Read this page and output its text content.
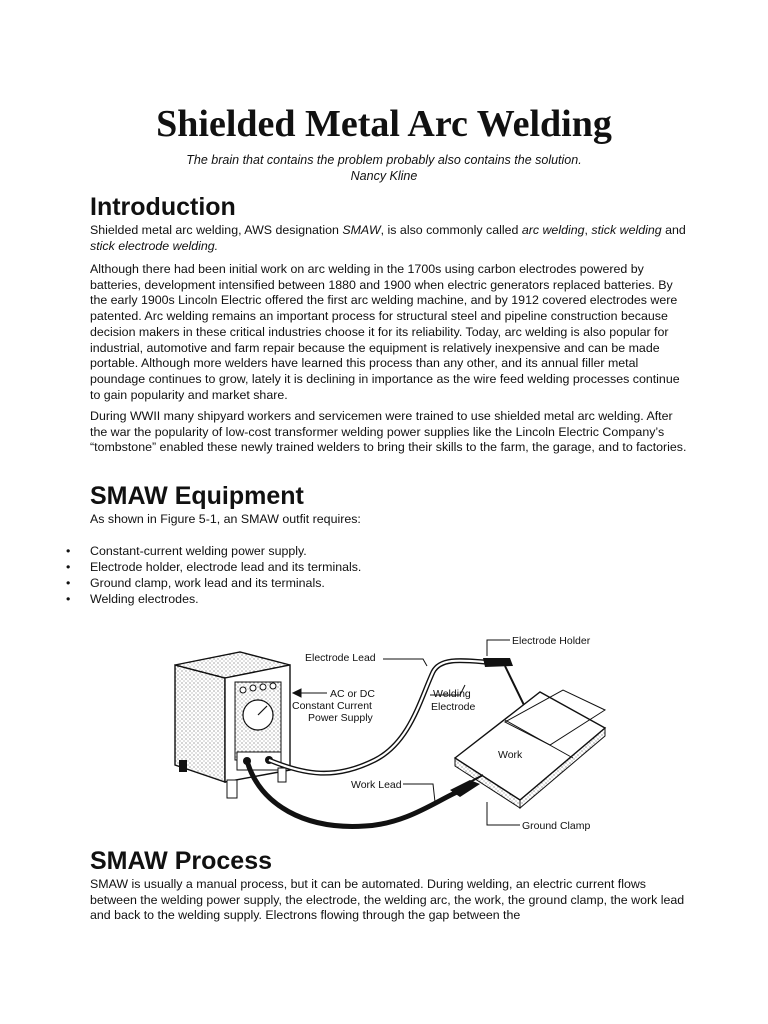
Shielded Metal Arc Welding
The brain that contains the problem probably also contains the solution.
Nancy Kline
Introduction

Shielded metal arc welding, AWS designation SMAW, is also commonly called arc welding, stick welding and stick electrode welding.

Although there had been initial work on arc welding in the 1700s using carbon electrodes powered by batteries, development intensified between 1880 and 1900 when electric generators replaced batteries. By the early 1900s Lincoln Electric offered the first arc welding machine, and by 1912 covered electrodes were patented. Arc welding remains an important process for structural steel and pipeline construction because decision makers in these critical industries choose it for its reliability. Today, arc welding is also popular for industrial, automotive and farm repair because the equipment is relatively inexpensive and can be made portable. Although more welders have learned this process than any other, and its annual filler metal poundage continues to grow, lately it is declining in importance as the wire feed welding processes continue to gain popularity and market share.

During WWII many shipyard workers and servicemen were trained to use shielded metal arc welding. After the war the popularity of low-cost transformer welding power supplies like the Lincoln Electric Company’s “tombstone” enabled these newly trained welders to bring their skills to the farm, the garage, and to factories.

SMAW Equipment

As shown in Figure 5-1, an SMAW outfit requires:

• Constant-current welding power supply.
• Electrode holder, electrode lead and its terminals.
• Ground clamp, work lead and its terminals.
• Welding electrodes.
Electrode Lead
Electrode Holder
AC or DC
Constant Current
Power Supply
Welding
Electrode
Work
Work Lead
Ground Clamp
SMAW Process

SMAW is usually a manual process, but it can be automated. During welding, an electric current flows between the welding power supply, the electrode, the welding arc, the work, the ground clamp, the work lead and back to the welding supply. Electrons flowing through the gap between the
